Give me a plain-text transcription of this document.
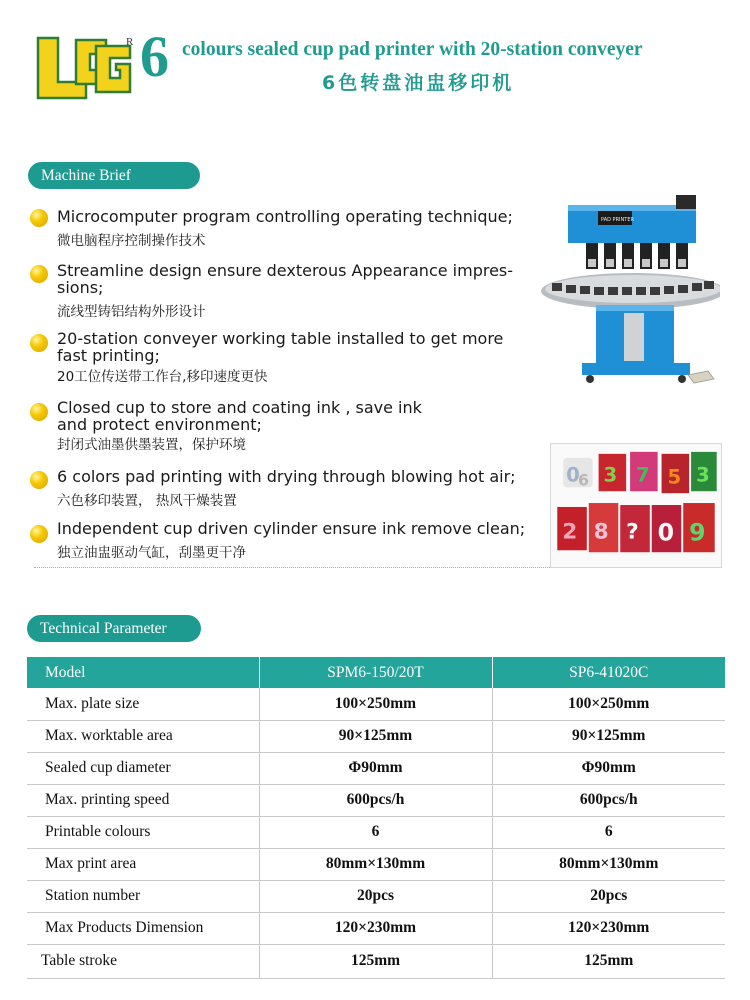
R 6 colours sealed cup pad printer with 20-station conveyer
6色转盘油盅移印机
Machine Brief
Microcomputer program controlling operating technique;
微电脑程序控制操作技术
Streamline design ensure dexterous Appearance impres-
sions;
流线型铸铝结构外形设计
20-station conveyer working table installed to get more
fast printing;
20工位传送带工作台,移印速度更快
Closed cup to store and coating ink , save ink
and protect environment;
封闭式油墨供墨装置，保护环境
6 colors pad printing with drying through blowing hot air;
六色移印装置， 热风干燥装置
Independent cup driven cylinder ensure ink remove clean;
独立油盅驱动气缸，刮墨更干净
PAD PRINTER
0
6 3 7 5 3
2 8 ? 0 9
Technical Parameter
Model	SPM6-150/20T	SP6-41020C
Max. plate size	100×250mm	100×250mm
Max. worktable area	90×125mm	90×125mm
Sealed cup diameter	Φ90mm	Φ90mm
Max. printing speed	600pcs/h	600pcs/h
Printable colours	6	6
Max print area	80mm×130mm	80mm×130mm
Station number	20pcs	20pcs
Max Products Dimension	120×230mm	120×230mm
Table stroke	125mm	125mm
